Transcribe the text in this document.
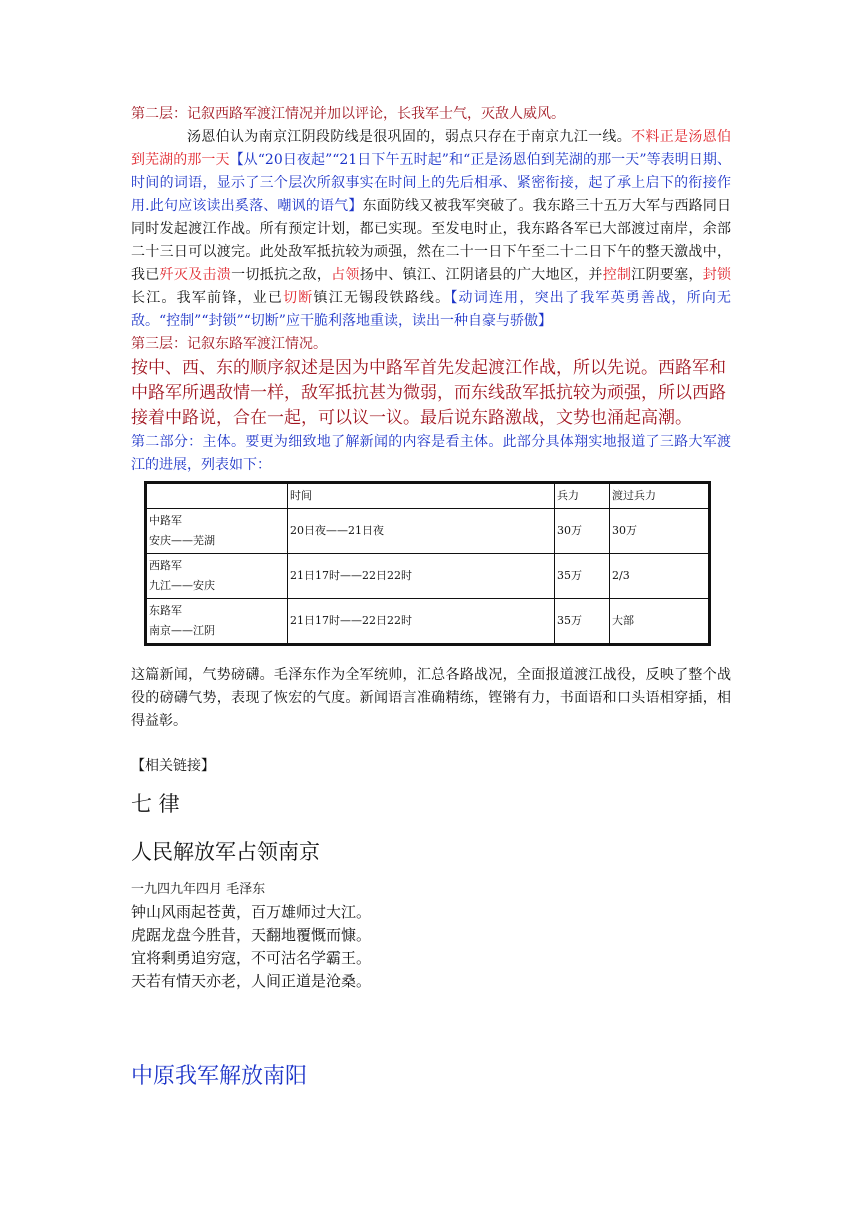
第二层：记叙西路军渡江情况并加以评论，长我军士气，灭敌人威风。

汤恩伯认为南京江阴段防线是很巩固的，弱点只存在于南京九江一线。不料正是汤恩伯到芜湖的那一天【从“20日夜起”“21日下午五时起”和“正是汤恩伯到芜湖的那一天”等表明日期、时间的词语，显示了三个层次所叙事实在时间上的先后相承、紧密衔接，起了承上启下的衔接作用.此句应该读出奚落、嘲讽的语气】东面防线又被我军突破了。我东路三十五万大军与西路同日同时发起渡江作战。所有预定计划，都已实现。至发电时止，我东路各军已大部渡过南岸，余部二十三日可以渡完。此处敌军抵抗较为顽强，然在二十一日下午至二十二日下午的整天激战中，我已歼灭及击溃一切抵抗之敌，占领扬中、镇江、江阴诸县的广大地区，并控制江阴要塞，封锁长江。我军前锋，业已切断镇江无锡段铁路线。【动词连用，突出了我军英勇善战，所向无敌。“控制”“封锁”“切断”应干脆利落地重读，读出一种自豪与骄傲】

第三层：记叙东路军渡江情况。

按中、西、东的顺序叙述是因为中路军首先发起渡江作战，所以先说。西路军和中路军所遇敌情一样，敌军抵抗甚为微弱，而东线敌军抵抗较为顽强，所以西路接着中路说，合在一起，可以议一议。最后说东路激战，文势也涌起高潮。

第二部分：主体。要更为细致地了解新闻的内容是看主体。此部分具体翔实地报道了三路大军渡江的进展，列表如下：

	时间	兵力	渡过兵力

中路军
安庆——芜湖	20日夜——21日夜	30万	30万

西路军
九江——安庆	21日17时——22日22时	35万	2/3

东路军
南京——江阴	21日17时——22日22时	35万	大部

这篇新闻，气势磅礴。毛泽东作为全军统帅，汇总各路战况，全面报道渡江战役，反映了整个战役的磅礴气势，表现了恢宏的气度。新闻语言准确精练，铿锵有力，书面语和口头语相穿插，相得益彰。

【相关链接】

七 律

人民解放军占领南京

一九四九年四月 毛泽东

钟山风雨起苍黄，百万雄师过大江。

虎踞龙盘今胜昔，天翻地覆慨而慷。

宜将剩勇追穷寇，不可沽名学霸王。

天若有情天亦老，人间正道是沧桑。

中原我军解放南阳
